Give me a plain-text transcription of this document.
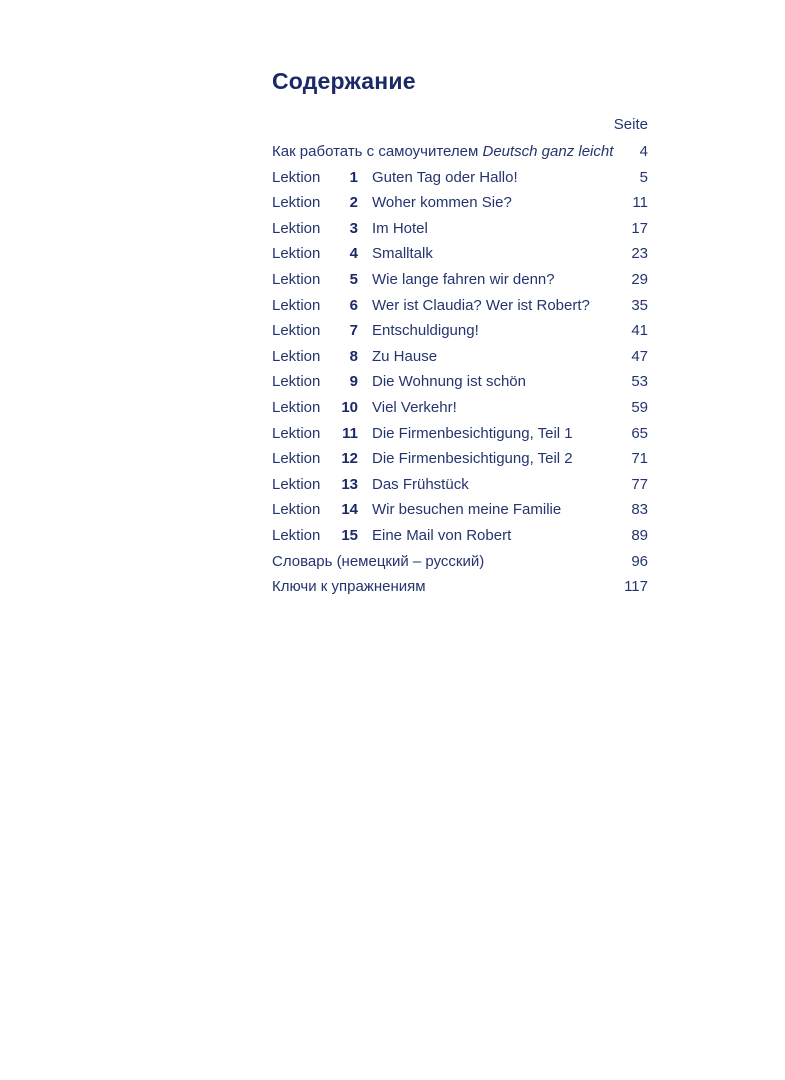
Содержание
Seite
Как работать с самоучителем Deutsch ganz leicht 4
Lektion	1 Guten Tag oder Hallo!	5
Lektion	2 Woher kommen Sie?	11
Lektion	3 Im Hotel	17
Lektion	4 Smalltalk	23
Lektion	5 Wie lange fahren wir denn?	29
Lektion	6 Wer ist Claudia? Wer ist Robert?	35
Lektion	7 Entschuldigung!	41
Lektion	8 Zu Hause	47
Lektion	9 Die Wohnung ist schön	53
Lektion	10 Viel Verkehr!	59
Lektion	11 Die Firmenbesichtigung, Teil 1	65
Lektion	12 Die Firmenbesichtigung, Teil 2	71
Lektion	13 Das Frühstück	77
Lektion	14 Wir besuchen meine Familie	83
Lektion	15 Eine Mail von Robert	89
Словарь (немецкий – русский)	96
Ключи к упражнениям	117
